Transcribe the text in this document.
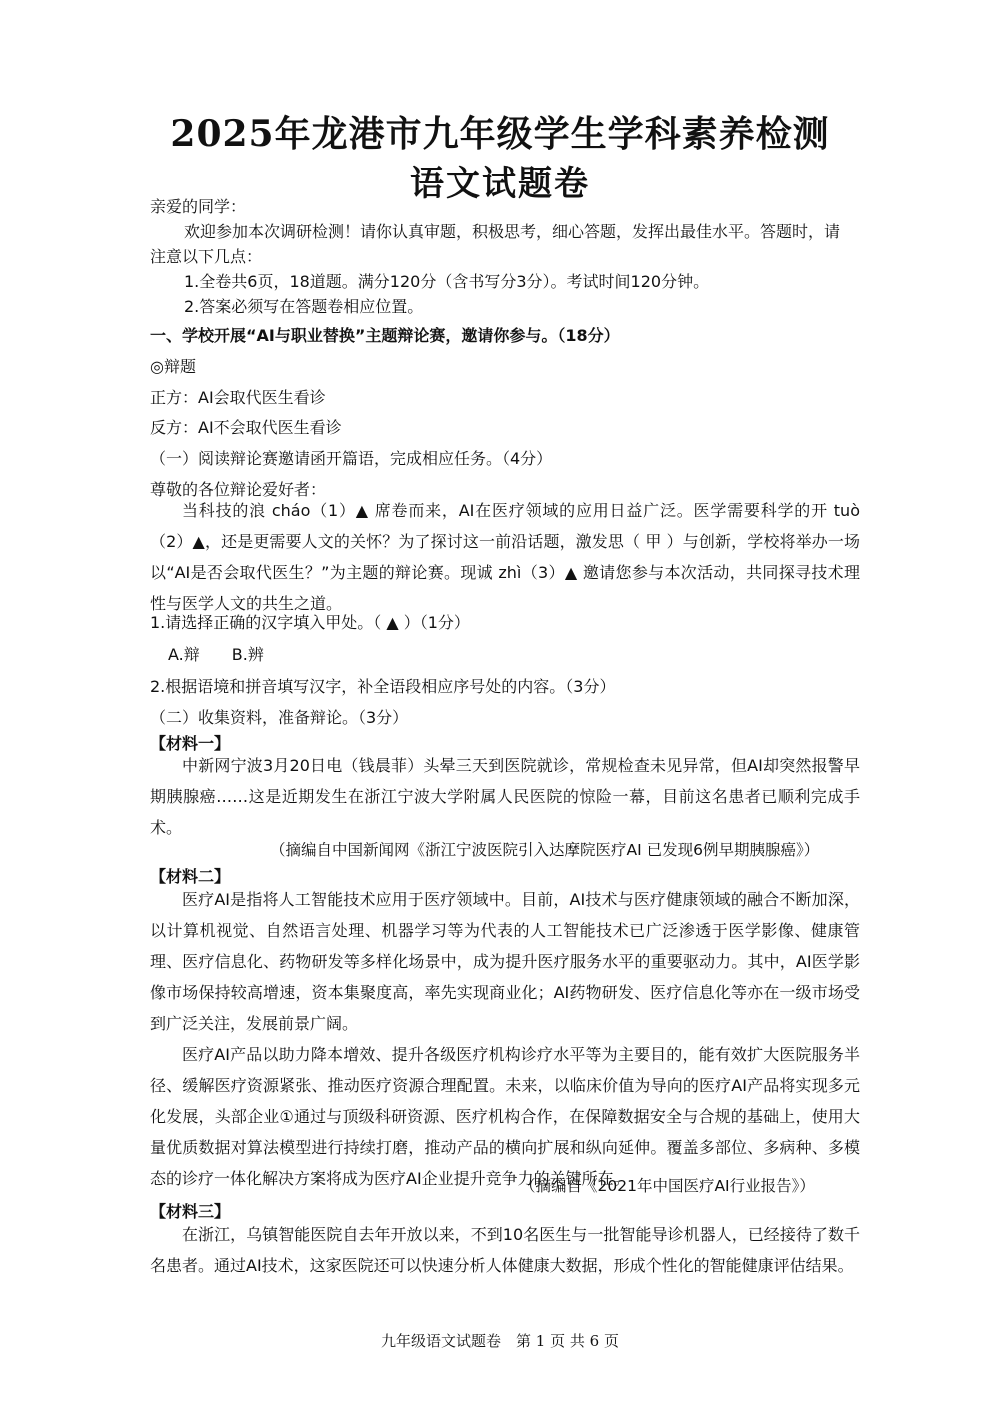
2025年龙港市九年级学生学科素养检测
语文试题卷
亲爱的同学：
欢迎参加本次调研检测！请你认真审题，积极思考，细心答题，发挥出最佳水平。答题时，请
注意以下几点：
1.全卷共6页，18道题。满分120分（含书写分3分）。考试时间120分钟。
2.答案必须写在答题卷相应位置。
一、学校开展“AI与职业替换”主题辩论赛，邀请你参与。（18分）
◎辩题
正方：AI会取代医生看诊
反方：AI不会取代医生看诊
（一）阅读辩论赛邀请函开篇语，完成相应任务。（4分）
尊敬的各位辩论爱好者：
当科技的浪 cháo（1）▲ 席卷而来，AI在医疗领域的应用日益广泛。医学需要科学的开 tuò（2）▲，还是更需要人文的关怀？为了探讨这一前沿话题，激发思（ 甲 ）与创新，学校将举办一场以“AI是否会取代医生？”为主题的辩论赛。现诚 zhì（3）▲ 邀请您参与本次活动，共同探寻技术理性与医学人文的共生之道。
1.请选择正确的汉字填入甲处。（ ▲ ）（1分）
A.辩　　B.辨
2.根据语境和拼音填写汉字，补全语段相应序号处的内容。（3分）
（二）收集资料，准备辩论。（3分）
【材料一】
中新网宁波3月20日电（钱晨菲）头晕三天到医院就诊，常规检查未见异常，但AI却突然报警早期胰腺癌……这是近期发生在浙江宁波大学附属人民医院的惊险一幕，目前这名患者已顺利完成手术。
（摘编自中国新闻网《浙江宁波医院引入达摩院医疗AI 已发现6例早期胰腺癌》）
【材料二】
医疗AI是指将人工智能技术应用于医疗领域中。目前，AI技术与医疗健康领域的融合不断加深，以计算机视觉、自然语言处理、机器学习等为代表的人工智能技术已广泛渗透于医学影像、健康管理、医疗信息化、药物研发等多样化场景中，成为提升医疗服务水平的重要驱动力。其中，AI医学影像市场保持较高增速，资本集聚度高，率先实现商业化；AI药物研发、医疗信息化等亦在一级市场受到广泛关注，发展前景广阔。
医疗AI产品以助力降本增效、提升各级医疗机构诊疗水平等为主要目的，能有效扩大医院服务半径、缓解医疗资源紧张、推动医疗资源合理配置。未来，以临床价值为导向的医疗AI产品将实现多元化发展，头部企业①通过与顶级科研资源、医疗机构合作，在保障数据安全与合规的基础上，使用大量优质数据对算法模型进行持续打磨，推动产品的横向扩展和纵向延伸。覆盖多部位、多病种、多模态的诊疗一体化解决方案将成为医疗AI企业提升竞争力的关键所在。
（摘编自《2021年中国医疗AI行业报告》）
【材料三】
在浙江，乌镇智能医院自去年开放以来，不到10名医生与一批智能导诊机器人，已经接待了数千名患者。通过AI技术，这家医院还可以快速分析人体健康大数据，形成个性化的智能健康评估结果。
九年级语文试题卷　第 1 页 共 6 页
